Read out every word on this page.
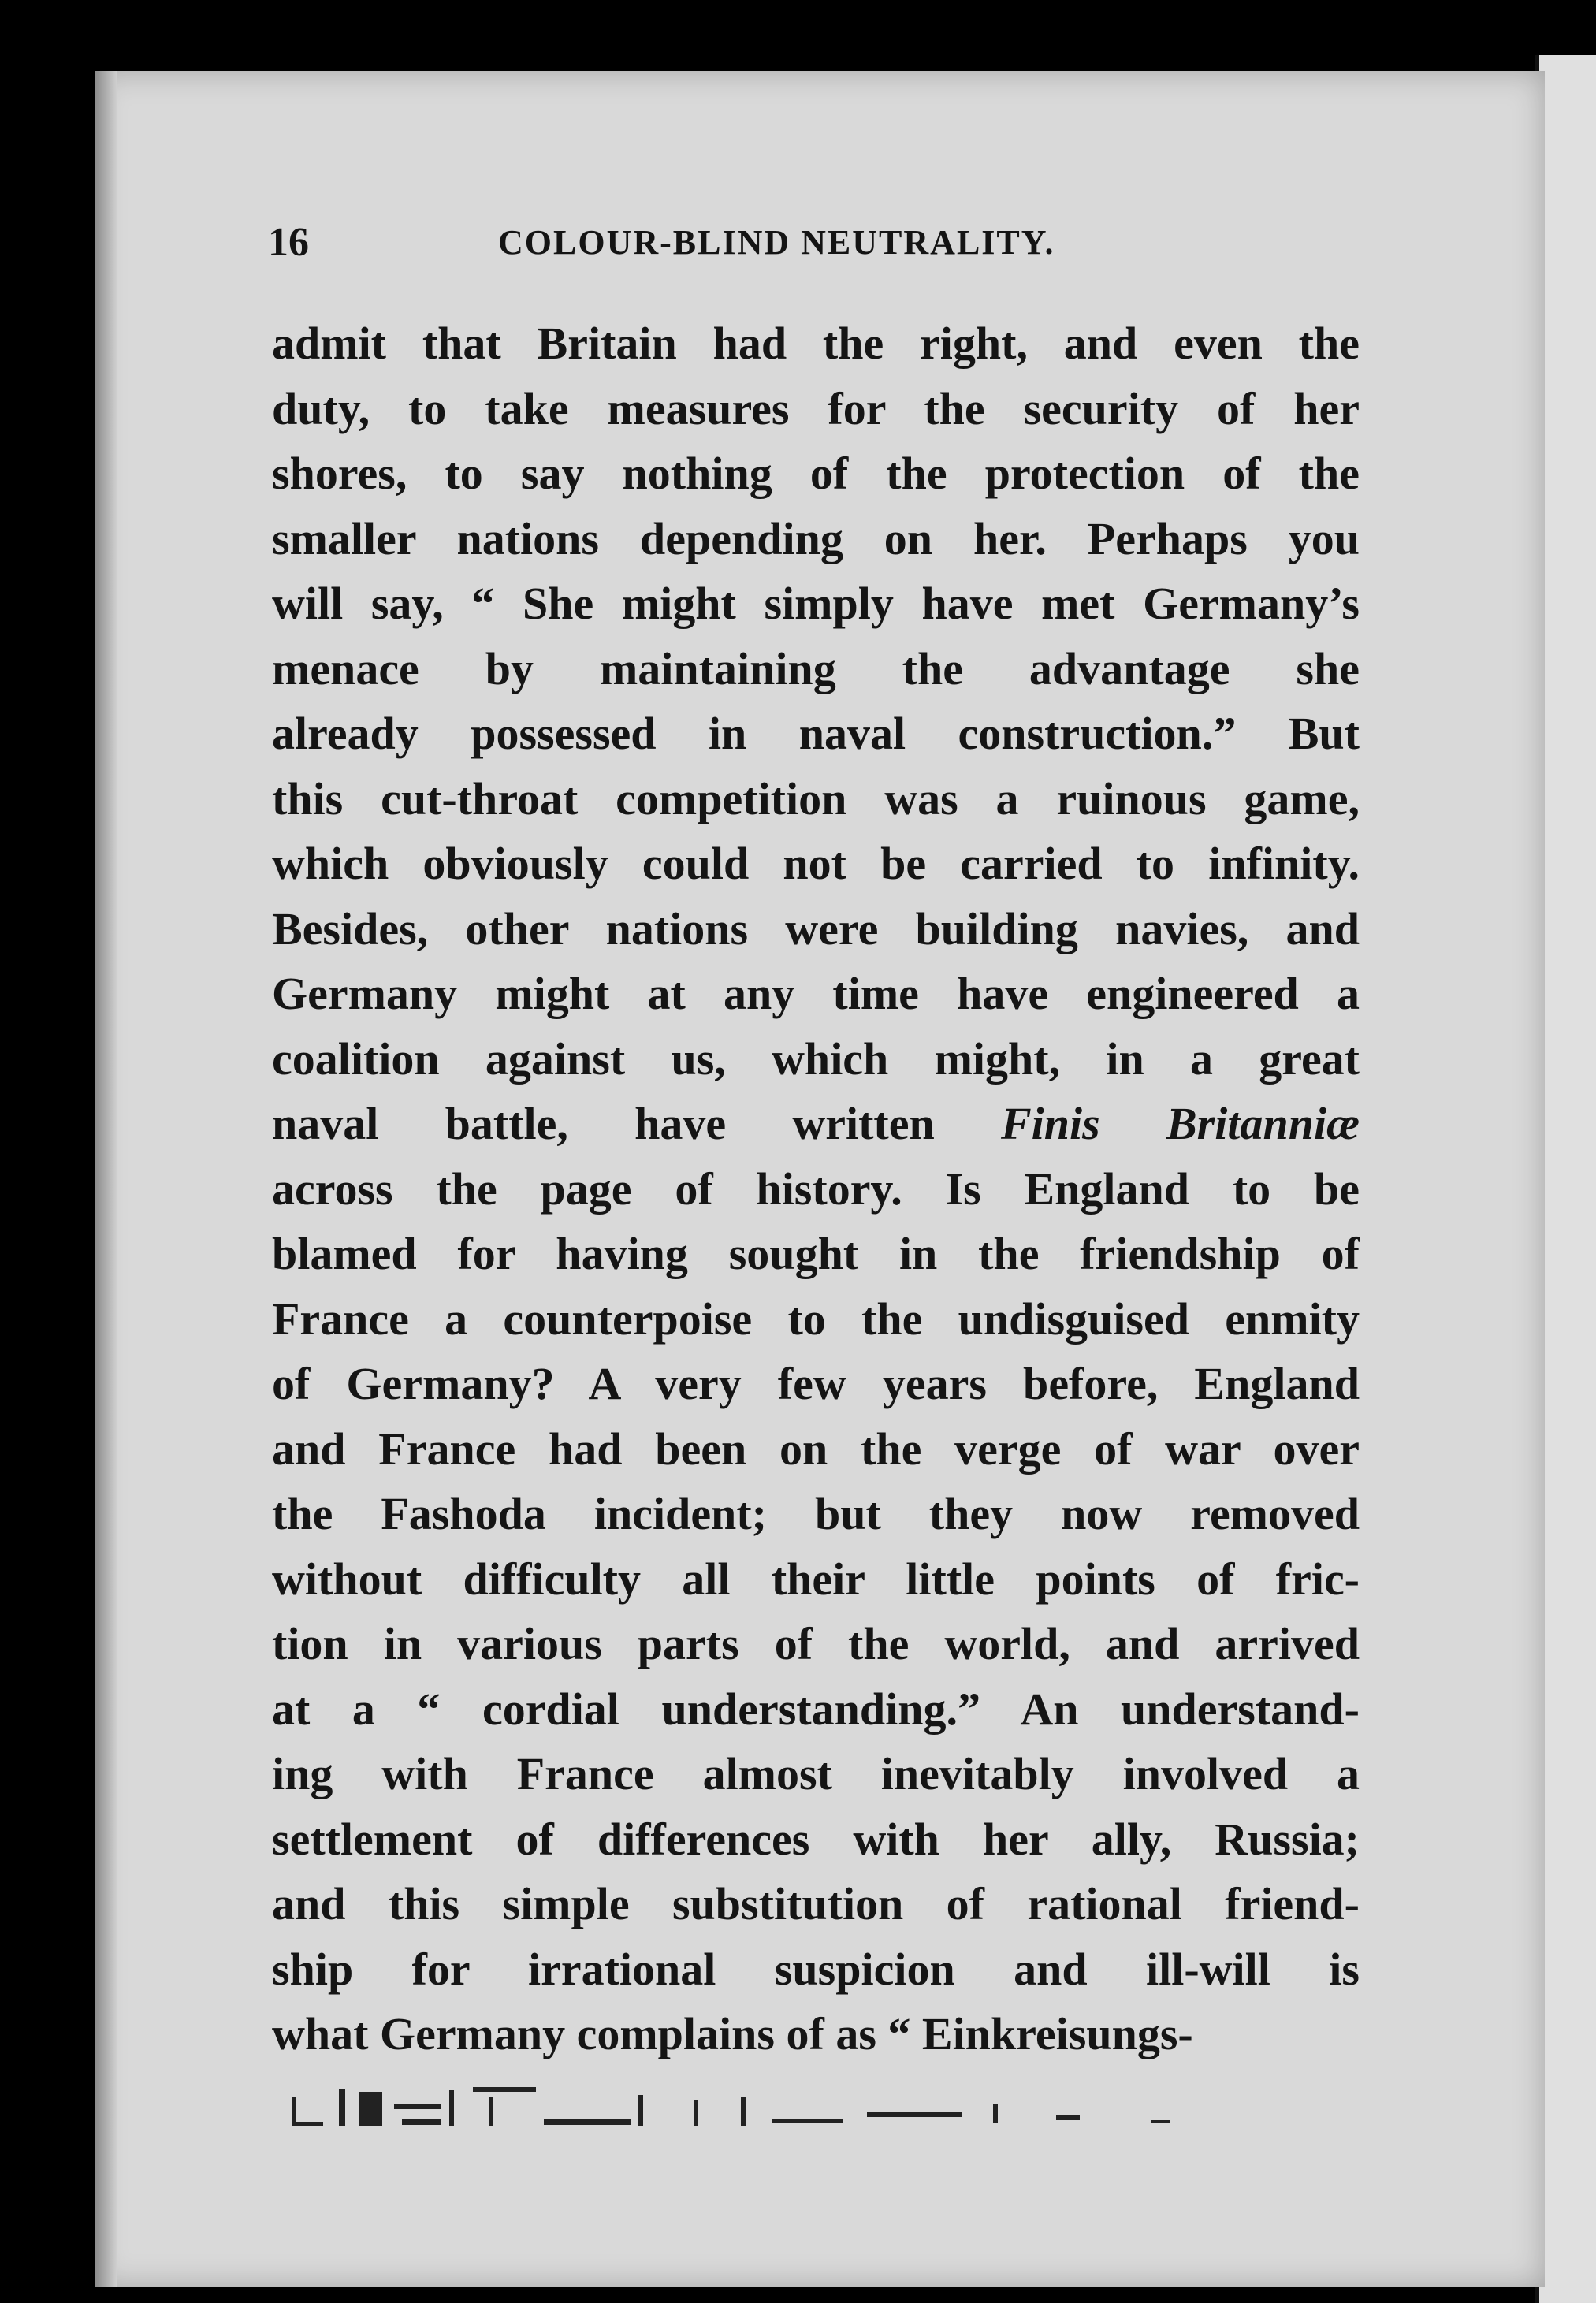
16	COLOUR-BLIND NEUTRALITY.
admit that Britain had the right, and even the
duty, to take measures for the security of her
shores, to say nothing of the protection of the
smaller nations depending on her. Perhaps you
will say, “ She might simply have met Germany’s
menace by maintaining the advantage she
already possessed in naval construction.” But
this cut-throat competition was a ruinous game,
which obviously could not be carried to infinity.
Besides, other nations were building navies, and
Germany might at any time have engineered a
coalition against us, which might, in a great
naval battle, have written Finis Britanniæ
across the page of history. Is England to be
blamed for having sought in the friendship of
France a counterpoise to the undisguised enmity
of Germany? A very few years before, England
and France had been on the verge of war over
the Fashoda incident; but they now removed
without difficulty all their little points of fric-
tion in various parts of the world, and arrived
at a “ cordial understanding.” An understand-
ing with France almost inevitably involved a
settlement of differences with her ally, Russia;
and this simple substitution of rational friend-
ship for irrational suspicion and ill-will is
what Germany complains of as “ Einkreisungs-
